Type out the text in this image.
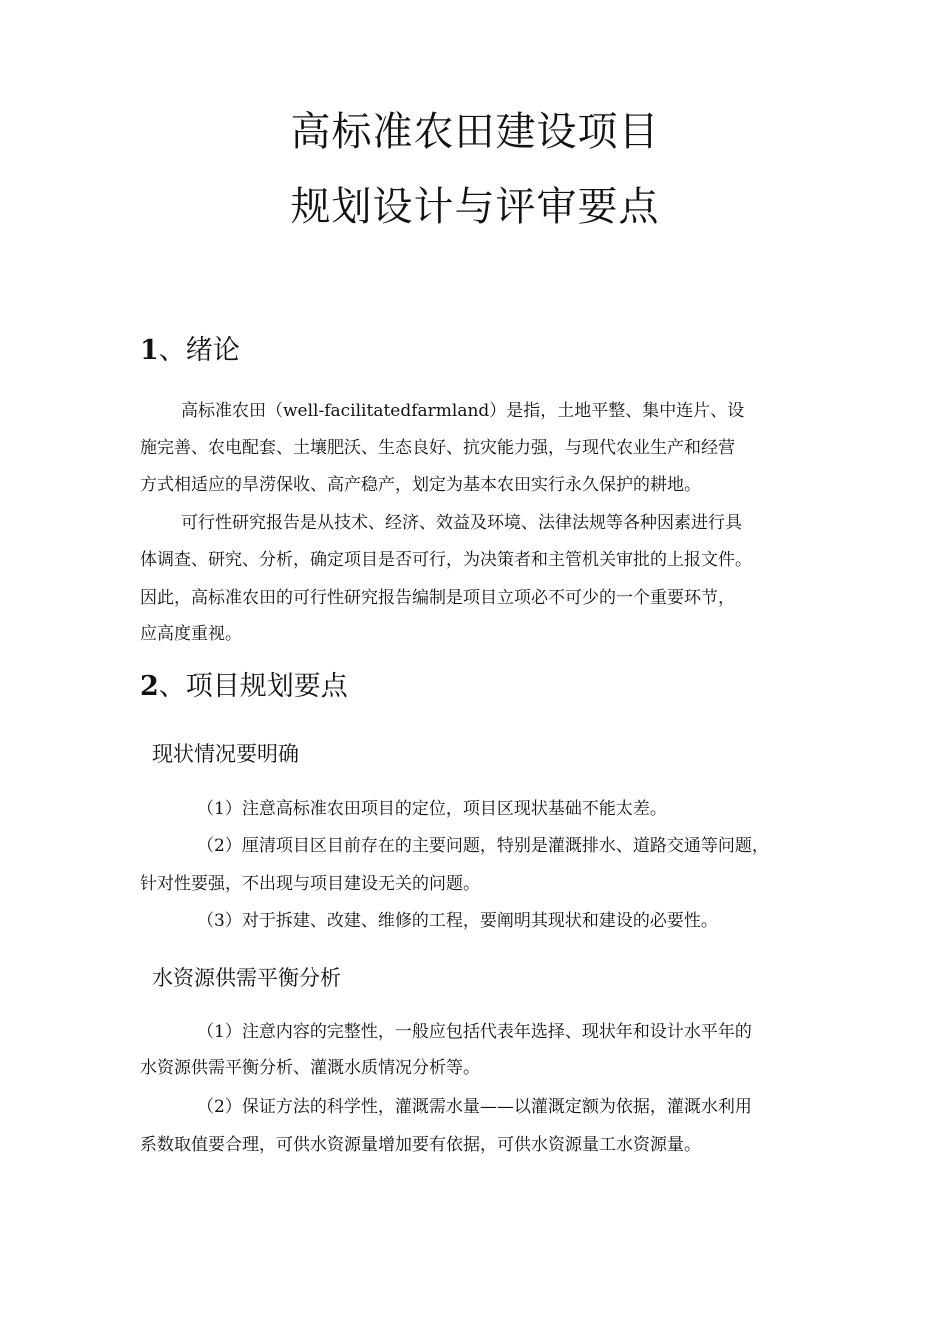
高标准农田建设项目
规划设计与评审要点
1、绪论

高标准农田（well-facilitatedfarmland）是指，土地平整、集中连片、设

施完善、农电配套、土壤肥沃、生态良好、抗灾能力强，与现代农业生产和经营

方式相适应的旱涝保收、高产稳产，划定为基本农田实行永久保护的耕地。

可行性研究报告是从技术、经济、效益及环境、法律法规等各种因素进行具

体调查、研究、分析，确定项目是否可行，为决策者和主管机关审批的上报文件。

因此，高标准农田的可行性研究报告编制是项目立项必不可少的一个重要环节，

应高度重视。

2、项目规划要点
现状情况要明确

（1）注意高标准农田项目的定位，项目区现状基础不能太差。

（2）厘清项目区目前存在的主要问题，特别是灌溉排水、道路交通等问题，

针对性要强，不出现与项目建设无关的问题。

（3）对于拆建、改建、维修的工程，要阐明其现状和建设的必要性。

水资源供需平衡分析

（1）注意内容的完整性，一般应包括代表年选择、现状年和设计水平年的

水资源供需平衡分析、灌溉水质情况分析等。

（2）保证方法的科学性，灌溉需水量——以灌溉定额为依据，灌溉水利用

系数取值要合理，可供水资源量增加要有依据，可供水资源量工水资源量。
